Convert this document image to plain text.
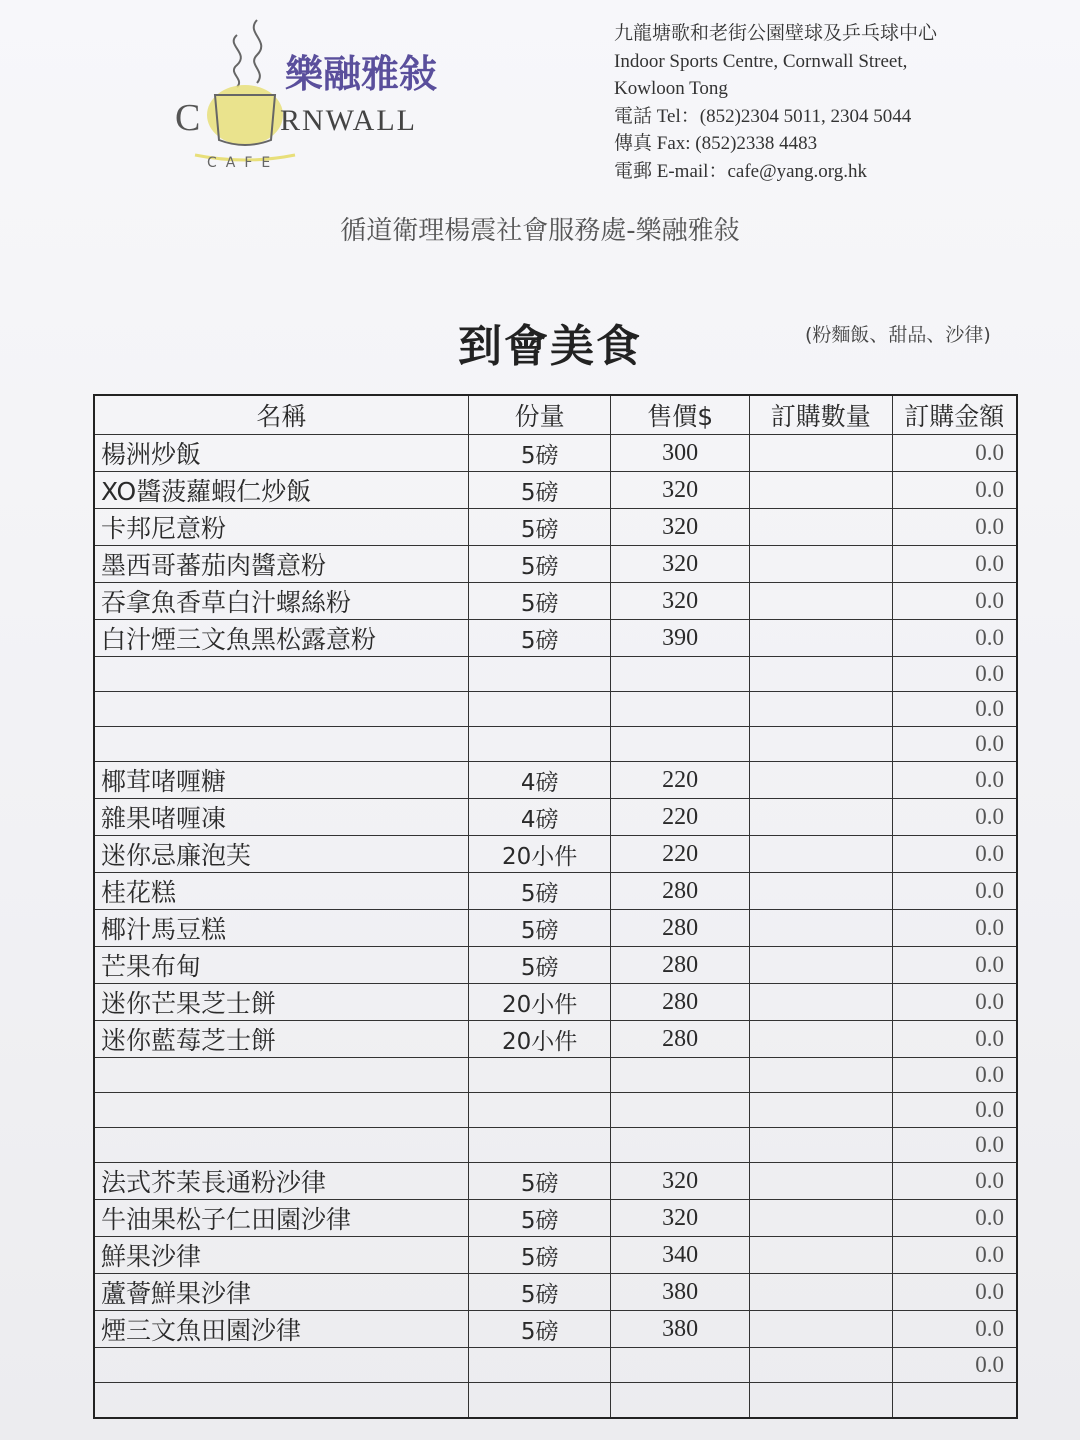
C	RNWALL
樂融雅敍
CAFE
九龍塘歌和老街公園壁球及乒乓球中心
Indoor Sports Centre, Cornwall Street,
Kowloon Tong
電話 Tel：(852)2304 5011, 2304 5044
傳真 Fax: (852)2338 4483
電郵 E-mail：cafe@yang.org.hk
循道衛理楊震社會服務處-樂融雅敍
到會美食	(粉麵飯、甜品、沙律)
名稱	份量	售價$	訂購數量	訂購金額
楊洲炒飯	5磅	300		0.0
XO醬菠蘿蝦仁炒飯	5磅	320		0.0
卡邦尼意粉	5磅	320		0.0
墨西哥蕃茄肉醬意粉	5磅	320		0.0
吞拿魚香草白汁螺絲粉	5磅	320		0.0
白汁煙三文魚黑松露意粉	5磅	390		0.0
				0.0
				0.0
				0.0
椰茸啫喱糖	4磅	220		0.0
雜果啫喱凍	4磅	220		0.0
迷你忌廉泡芙	20小件	220		0.0
桂花糕	5磅	280		0.0
椰汁馬豆糕	5磅	280		0.0
芒果布甸	5磅	280		0.0
迷你芒果芝士餅	20小件	280		0.0
迷你藍莓芝士餅	20小件	280		0.0
				0.0
				0.0
				0.0
法式芥茉長通粉沙律	5磅	320		0.0
牛油果松子仁田園沙律	5磅	320		0.0
鮮果沙律	5磅	340		0.0
蘆薈鮮果沙律	5磅	380		0.0
煙三文魚田園沙律	5磅	380		0.0
				0.0
